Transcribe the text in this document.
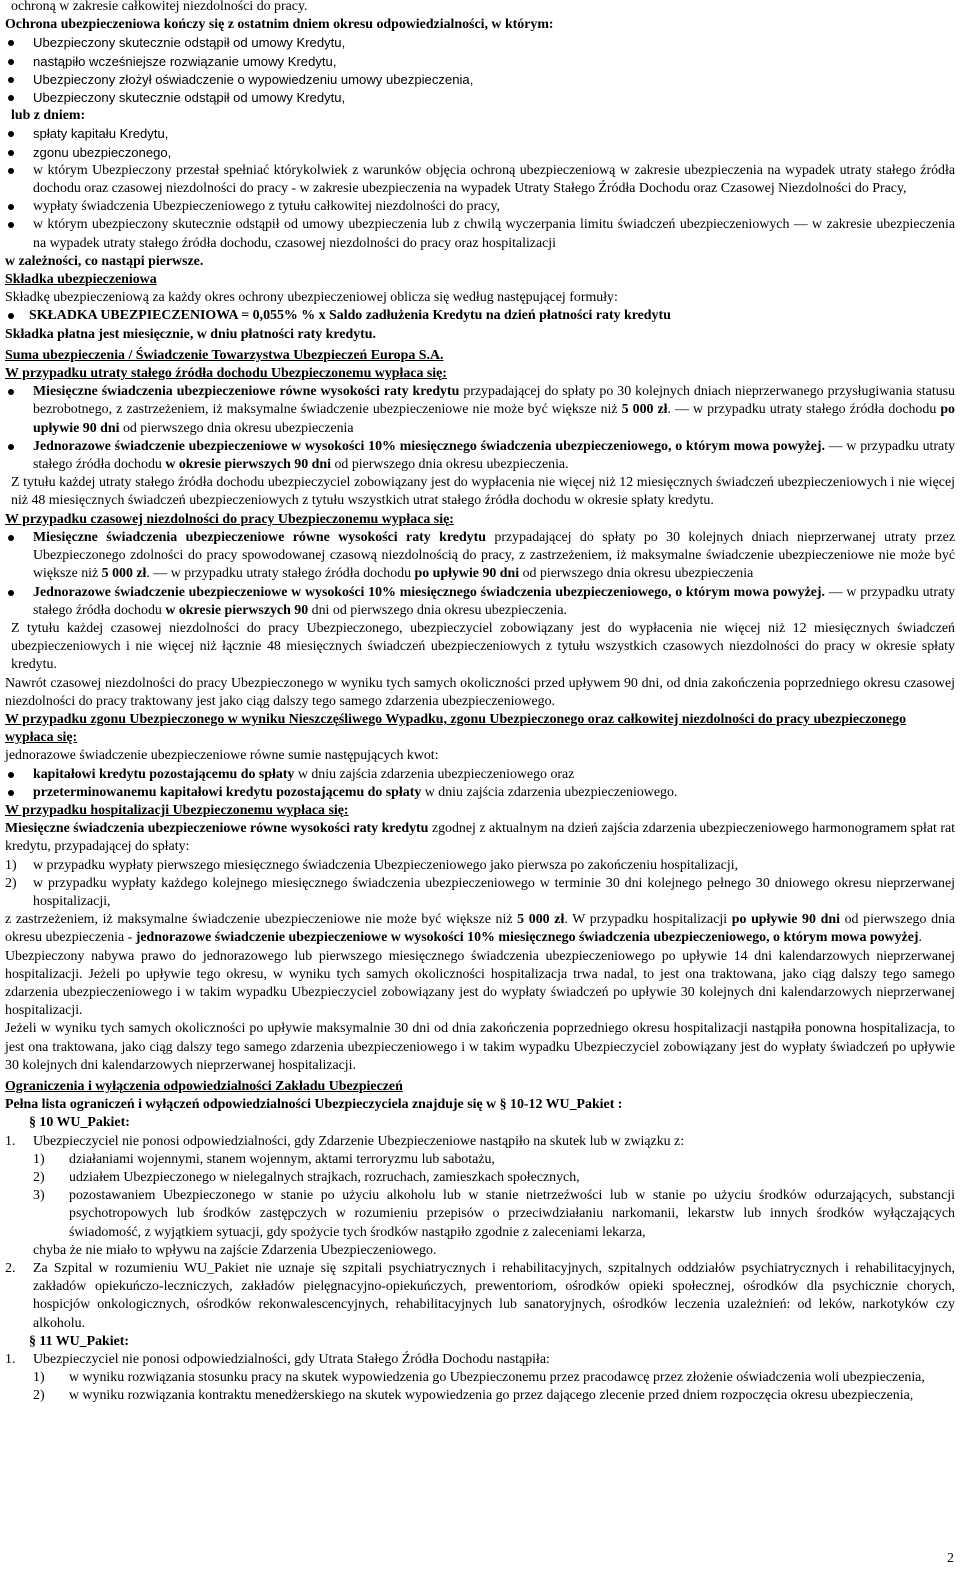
ochroną w zakresie całkowitej niezdolności do pracy.

Ochrona ubezpieczeniowa kończy się z ostatnim dniem okresu odpowiedzialności, w którym:

Ubezpieczony skutecznie odstąpił od umowy Kredytu,

nastąpiło wcześniejsze rozwiązanie umowy Kredytu,

Ubezpieczony złożył oświadczenie o wypowiedzeniu umowy ubezpieczenia,

Ubezpieczony skutecznie odstąpił od umowy Kredytu,

lub z dniem:

spłaty kapitału Kredytu,

zgonu ubezpieczonego,

w którym Ubezpieczony przestał spełniać którykolwiek z warunków objęcia ochroną ubezpieczeniową w zakresie ubezpieczenia na wypadek utraty stałego źródła dochodu oraz czasowej niezdolności do pracy - w zakresie ubezpieczenia na wypadek Utraty Stałego Źródła Dochodu oraz Czasowej Niezdolności do Pracy,

wypłaty świadczenia Ubezpieczeniowego z tytułu całkowitej niezdolności do pracy,

w którym ubezpieczony skutecznie odstąpił od umowy ubezpieczenia lub z chwilą wyczerpania limitu świadczeń ubezpieczeniowych — w zakresie ubezpieczenia na wypadek utraty stałego źródła dochodu, czasowej niezdolności do pracy oraz hospitalizacji

w zależności, co nastąpi pierwsze.

Składka ubezpieczeniowa

Składkę ubezpieczeniową za każdy okres ochrony ubezpieczeniowej oblicza się według następującej formuły:

SKŁADKA UBEZPIECZENIOWA = 0,055% % x Saldo zadłużenia Kredytu na dzień płatności raty kredytu

Składka płatna jest miesięcznie, w dniu płatności raty kredytu.

Suma ubezpieczenia / Świadczenie Towarzystwa Ubezpieczeń Europa S.A.

W przypadku utraty stałego źródła dochodu Ubezpieczonemu wypłaca się:

Miesięczne świadczenia ubezpieczeniowe równe wysokości raty kredytu przypadającej do spłaty po 30 kolejnych dniach nieprzerwanego przysługiwania statusu bezrobotnego, z zastrzeżeniem, iż maksymalne świadczenie ubezpieczeniowe nie może być większe niż 5 000 zł. — w przypadku utraty stałego źródła dochodu po upływie 90 dni od pierwszego dnia okresu ubezpieczenia

Jednorazowe świadczenie ubezpieczeniowe w wysokości 10% miesięcznego świadczenia ubezpieczeniowego, o którym mowa powyżej. — w przypadku utraty stałego źródła dochodu w okresie pierwszych 90 dni od pierwszego dnia okresu ubezpieczenia.

Z tytułu każdej utraty stałego źródła dochodu ubezpieczyciel zobowiązany jest do wypłacenia nie więcej niż 12 miesięcznych świadczeń ubezpieczeniowych i nie więcej niż 48 miesięcznych świadczeń ubezpieczeniowych z tytułu wszystkich utrat stałego źródła dochodu w okresie spłaty kredytu.

W przypadku czasowej niezdolności do pracy Ubezpieczonemu wypłaca się:

Miesięczne świadczenia ubezpieczeniowe równe wysokości raty kredytu przypadającej do spłaty po 30 kolejnych dniach nieprzerwanej utraty przez Ubezpieczonego zdolności do pracy spowodowanej czasową niezdolnością do pracy, z zastrzeżeniem, iż maksymalne świadczenie ubezpieczeniowe nie może być większe niż 5 000 zł. — w przypadku utraty stałego źródła dochodu po upływie 90 dni od pierwszego dnia okresu ubezpieczenia

Jednorazowe świadczenie ubezpieczeniowe w wysokości 10% miesięcznego świadczenia ubezpieczeniowego, o którym mowa powyżej. — w przypadku utraty stałego źródła dochodu w okresie pierwszych 90 dni od pierwszego dnia okresu ubezpieczenia.

Z tytułu każdej czasowej niezdolności do pracy Ubezpieczonego, ubezpieczyciel zobowiązany jest do wypłacenia nie więcej niż 12 miesięcznych świadczeń ubezpieczeniowych i nie więcej niż łącznie 48 miesięcznych świadczeń ubezpieczeniowych z tytułu wszystkich czasowych niezdolności do pracy w okresie spłaty kredytu.

Nawrót czasowej niezdolności do pracy Ubezpieczonego w wyniku tych samych okoliczności przed upływem 90 dni, od dnia zakończenia poprzedniego okresu czasowej niezdolności do pracy traktowany jest jako ciąg dalszy tego samego zdarzenia ubezpieczeniowego.

W przypadku zgonu Ubezpieczonego w wyniku Nieszczęśliwego Wypadku, zgonu Ubezpieczonego oraz całkowitej niezdolności do pracy ubezpieczonego wypłaca się:

jednorazowe świadczenie ubezpieczeniowe równe sumie następujących kwot:

kapitałowi kredytu pozostającemu do spłaty w dniu zajścia zdarzenia ubezpieczeniowego oraz

przeterminowanemu kapitałowi kredytu pozostającemu do spłaty w dniu zajścia zdarzenia ubezpieczeniowego.

W przypadku hospitalizacji Ubezpieczonemu wypłaca się:

Miesięczne świadczenia ubezpieczeniowe równe wysokości raty kredytu zgodnej z aktualnym na dzień zajścia zdarzenia ubezpieczeniowego harmonogramem spłat rat kredytu, przypadającej do spłaty:

1) w przypadku wypłaty pierwszego miesięcznego świadczenia Ubezpieczeniowego jako pierwsza po zakończeniu hospitalizacji,

2) w przypadku wypłaty każdego kolejnego miesięcznego świadczenia ubezpieczeniowego w terminie 30 dni kolejnego pełnego 30 dniowego okresu nieprzerwanej hospitalizacji,

z zastrzeżeniem, iż maksymalne świadczenie ubezpieczeniowe nie może być większe niż 5 000 zł. W przypadku hospitalizacji po upływie 90 dni od pierwszego dnia okresu ubezpieczenia - jednorazowe świadczenie ubezpieczeniowe w wysokości 10% miesięcznego świadczenia ubezpieczeniowego, o którym mowa powyżej.

Ubezpieczony nabywa prawo do jednorazowego lub pierwszego miesięcznego świadczenia ubezpieczeniowego po upływie 14 dni kalendarzowych nieprzerwanej hospitalizacji. Jeżeli po upływie tego okresu, w wyniku tych samych okoliczności hospitalizacja trwa nadal, to jest ona traktowana, jako ciąg dalszy tego samego zdarzenia ubezpieczeniowego i w takim wypadku Ubezpieczyciel zobowiązany jest do wypłaty świadczeń po upływie 30 kolejnych dni kalendarzowych nieprzerwanej hospitalizacji.

Jeżeli w wyniku tych samych okoliczności po upływie maksymalnie 30 dni od dnia zakończenia poprzedniego okresu hospitalizacji nastąpiła ponowna hospitalizacja, to jest ona traktowana, jako ciąg dalszy tego samego zdarzenia ubezpieczeniowego i w takim wypadku Ubezpieczyciel zobowiązany jest do wypłaty świadczeń po upływie 30 kolejnych dni kalendarzowych nieprzerwanej hospitalizacji.

Ograniczenia i wyłączenia odpowiedzialności Zakładu Ubezpieczeń

Pełna lista ograniczeń i wyłączeń odpowiedzialności Ubezpieczyciela znajduje się w § 10-12 WU_Pakiet :

§ 10 WU_Pakiet:

1. Ubezpieczyciel nie ponosi odpowiedzialności, gdy Zdarzenie Ubezpieczeniowe nastąpiło na skutek lub w związku z:

1) działaniami wojennymi, stanem wojennym, aktami terroryzmu lub sabotażu,

2) udziałem Ubezpieczonego w nielegalnych strajkach, rozruchach, zamieszkach społecznych,

3) pozostawaniem Ubezpieczonego w stanie po użyciu alkoholu lub w stanie nietrzeźwości lub w stanie po użyciu środków odurzających, substancji psychotropowych lub środków zastępczych w rozumieniu przepisów o przeciwdziałaniu narkomanii, lekarstw lub innych środków wyłączających świadomość, z wyjątkiem sytuacji, gdy spożycie tych środków nastąpiło zgodnie z zaleceniami lekarza,

chyba że nie miało to wpływu na zajście Zdarzenia Ubezpieczeniowego.

2. Za Szpital w rozumieniu WU_Pakiet nie uznaje się szpitali psychiatrycznych i rehabilitacyjnych, szpitalnych oddziałów psychiatrycznych i rehabilitacyjnych, zakładów opiekuńczo-leczniczych, zakładów pielęgnacyjno-opiekuńczych, prewentoriom, ośrodków opieki społecznej, ośrodków dla psychicznie chorych, hospicjów onkologicznych, ośrodków rekonwalescencyjnych, rehabilitacyjnych lub sanatoryjnych, ośrodków leczenia uzależnień: od leków, narkotyków czy alkoholu.

§ 11 WU_Pakiet:

1. Ubezpieczyciel nie ponosi odpowiedzialności, gdy Utrata Stałego Źródła Dochodu nastąpiła:

1) w wyniku rozwiązania stosunku pracy na skutek wypowiedzenia go Ubezpieczonemu przez pracodawcę przez złożenie oświadczenia woli ubezpieczenia,

2) w wyniku rozwiązania kontraktu menedżerskiego na skutek wypowiedzenia go przez dającego zlecenie przed dniem rozpoczęcia okresu ubezpieczenia,

2
